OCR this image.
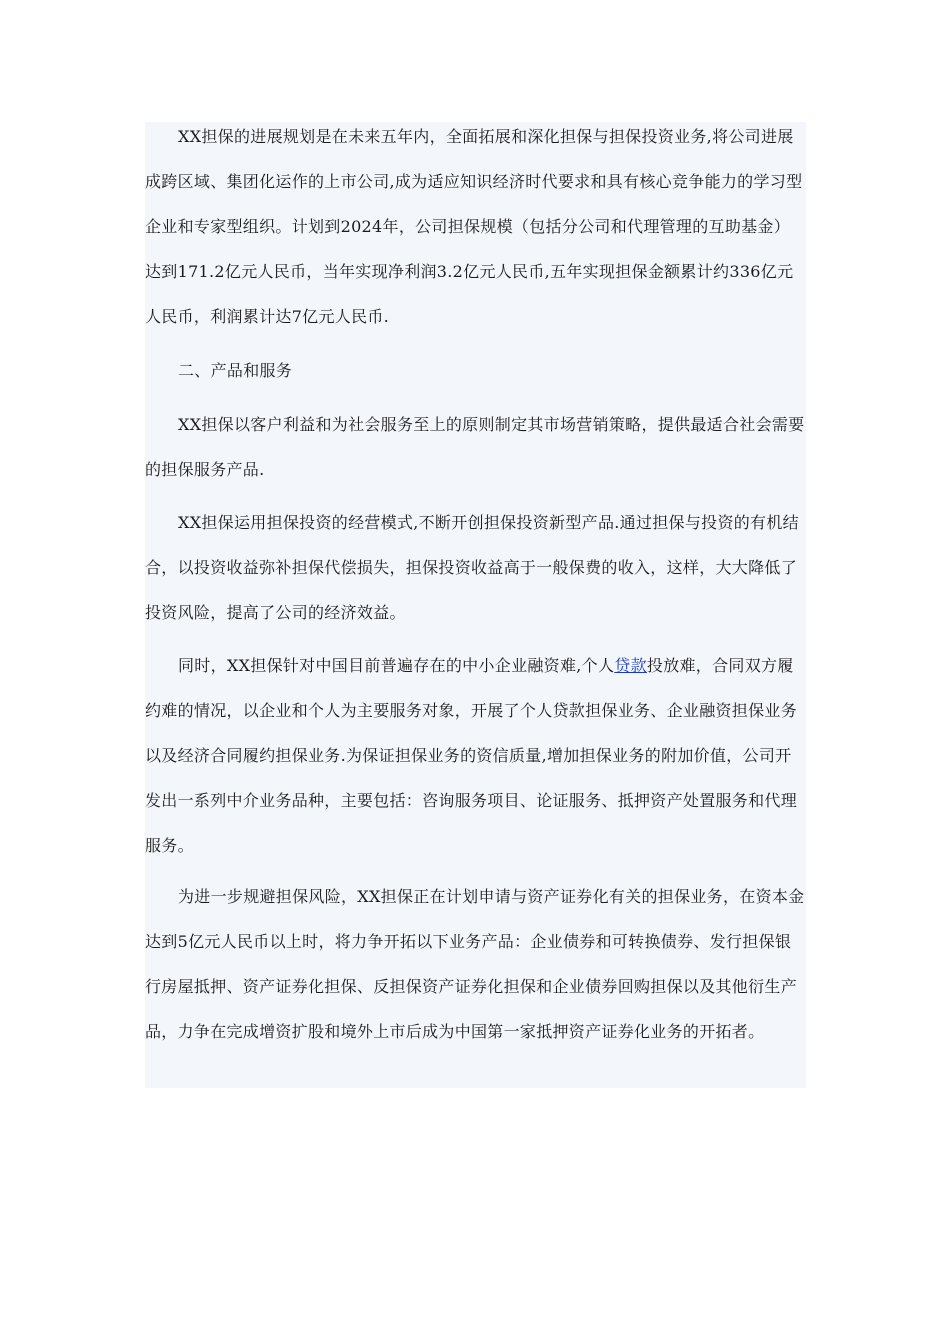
XX担保的进展规划是在未来五年内，全面拓展和深化担保与担保投资业务,将公司进展成跨区域、集团化运作的上市公司,成为适应知识经济时代要求和具有核心竞争能力的学习型企业和专家型组织。计划到2024年，公司担保规模（包括分公司和代理管理的互助基金）达到171.2亿元人民币，当年实现净利润3.2亿元人民币,五年实现担保金额累计约336亿元人民币，利润累计达7亿元人民币.

二、产品和服务

XX担保以客户利益和为社会服务至上的原则制定其市场营销策略，提供最适合社会需要的担保服务产品.

XX担保运用担保投资的经营模式,不断开创担保投资新型产品.通过担保与投资的有机结合，以投资收益弥补担保代偿损失，担保投资收益高于一般保费的收入，这样，大大降低了投资风险，提高了公司的经济效益。

同时，XX担保针对中国目前普遍存在的中小企业融资难,个人贷款投放难，合同双方履约难的情况，以企业和个人为主要服务对象，开展了个人贷款担保业务、企业融资担保业务以及经济合同履约担保业务.为保证担保业务的资信质量,增加担保业务的附加价值，公司开发出一系列中介业务品种，主要包括：咨询服务项目、论证服务、抵押资产处置服务和代理服务。

为进一步规避担保风险，XX担保正在计划申请与资产证券化有关的担保业务，在资本金达到5亿元人民币以上时，将力争开拓以下业务产品：企业债券和可转换债券、发行担保银行房屋抵押、资产证券化担保、反担保资产证券化担保和企业债券回购担保以及其他衍生产品，力争在完成增资扩股和境外上市后成为中国第一家抵押资产证券化业务的开拓者。
